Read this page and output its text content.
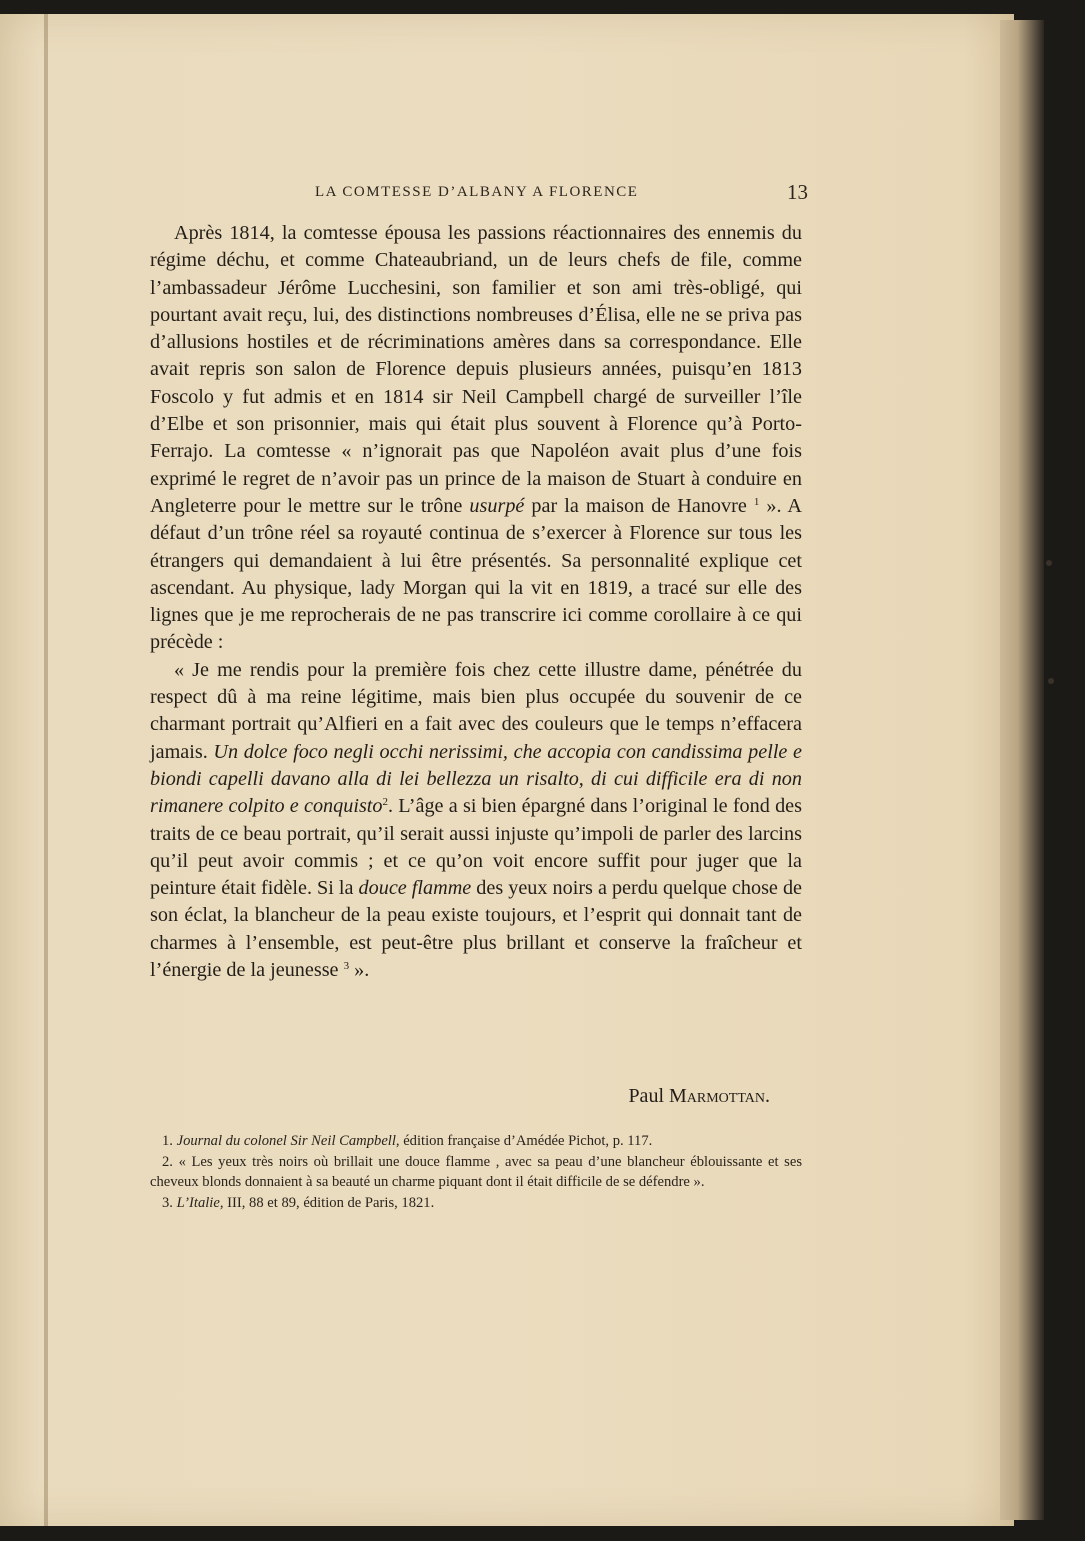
LA COMTESSE D’ALBANY A FLORENCE	13

Après 1814, la comtesse épousa les passions réactionnaires des ennemis du régime déchu, et comme Chateaubriand, un de leurs chefs de file, comme l’ambassadeur Jérôme Lucchesini, son familier et son ami très-obligé, qui pourtant avait reçu, lui, des distinctions nombreuses d’Élisa, elle ne se priva pas d’allusions hostiles et de récriminations amères dans sa correspondance. Elle avait repris son salon de Florence depuis plusieurs années, puisqu’en 1813 Foscolo y fut admis et en 1814 sir Neil Campbell chargé de surveiller l’île d’Elbe et son prisonnier, mais qui était plus souvent à Florence qu’à Porto-Ferrajo. La comtesse « n’ignorait pas que Napoléon avait plus d’une fois exprimé le regret de n’avoir pas un prince de la maison de Stuart à conduire en Angleterre pour le mettre sur le trône usurpé par la maison de Hanovre $^1$ ». A défaut d’un trône réel sa royauté continua de s’exercer à Florence sur tous les étrangers qui demandaient à lui être présentés. Sa personnalité explique cet ascendant. Au physique, lady Morgan qui la vit en 1819, a tracé sur elle des lignes que je me reprocherais de ne pas transcrire ici comme corollaire à ce qui précède :

« Je me rendis pour la première fois chez cette illustre dame, pénétrée du respect dû à ma reine légitime, mais bien plus occupée du souvenir de ce charmant portrait qu’Alfieri en a fait avec des couleurs que le temps n’effacera jamais. Un dolce foco negli occhi nerissimi, che accopia con candissima pelle e biondi capelli davano alla di lei bellezza un risalto, di cui difficile era di non rimanere colpito e conquisto$^2$. L’âge a si bien épargné dans l’original le fond des traits de ce beau portrait, qu’il serait aussi injuste qu’impoli de parler des larcins qu’il peut avoir commis ; et ce qu’on voit encore suffit pour juger que la peinture était fidèle. Si la douce flamme des yeux noirs a perdu quelque chose de son éclat, la blancheur de la peau existe toujours, et l’esprit qui donnait tant de charmes à l’ensemble, est peut-être plus brillant et conserve la fraîcheur et l’énergie de la jeunesse $^3$ ».

Paul Marmottan.

1. Journal du colonel Sir Neil Campbell, édition française d’Amédée Pichot, p. 117.

2. « Les yeux très noirs où brillait une douce flamme , avec sa peau d’une blancheur éblouissante et ses cheveux blonds donnaient à sa beauté un charme piquant dont il était difficile de se défendre ».

3. L’Italie, III, 88 et 89, édition de Paris, 1821.
